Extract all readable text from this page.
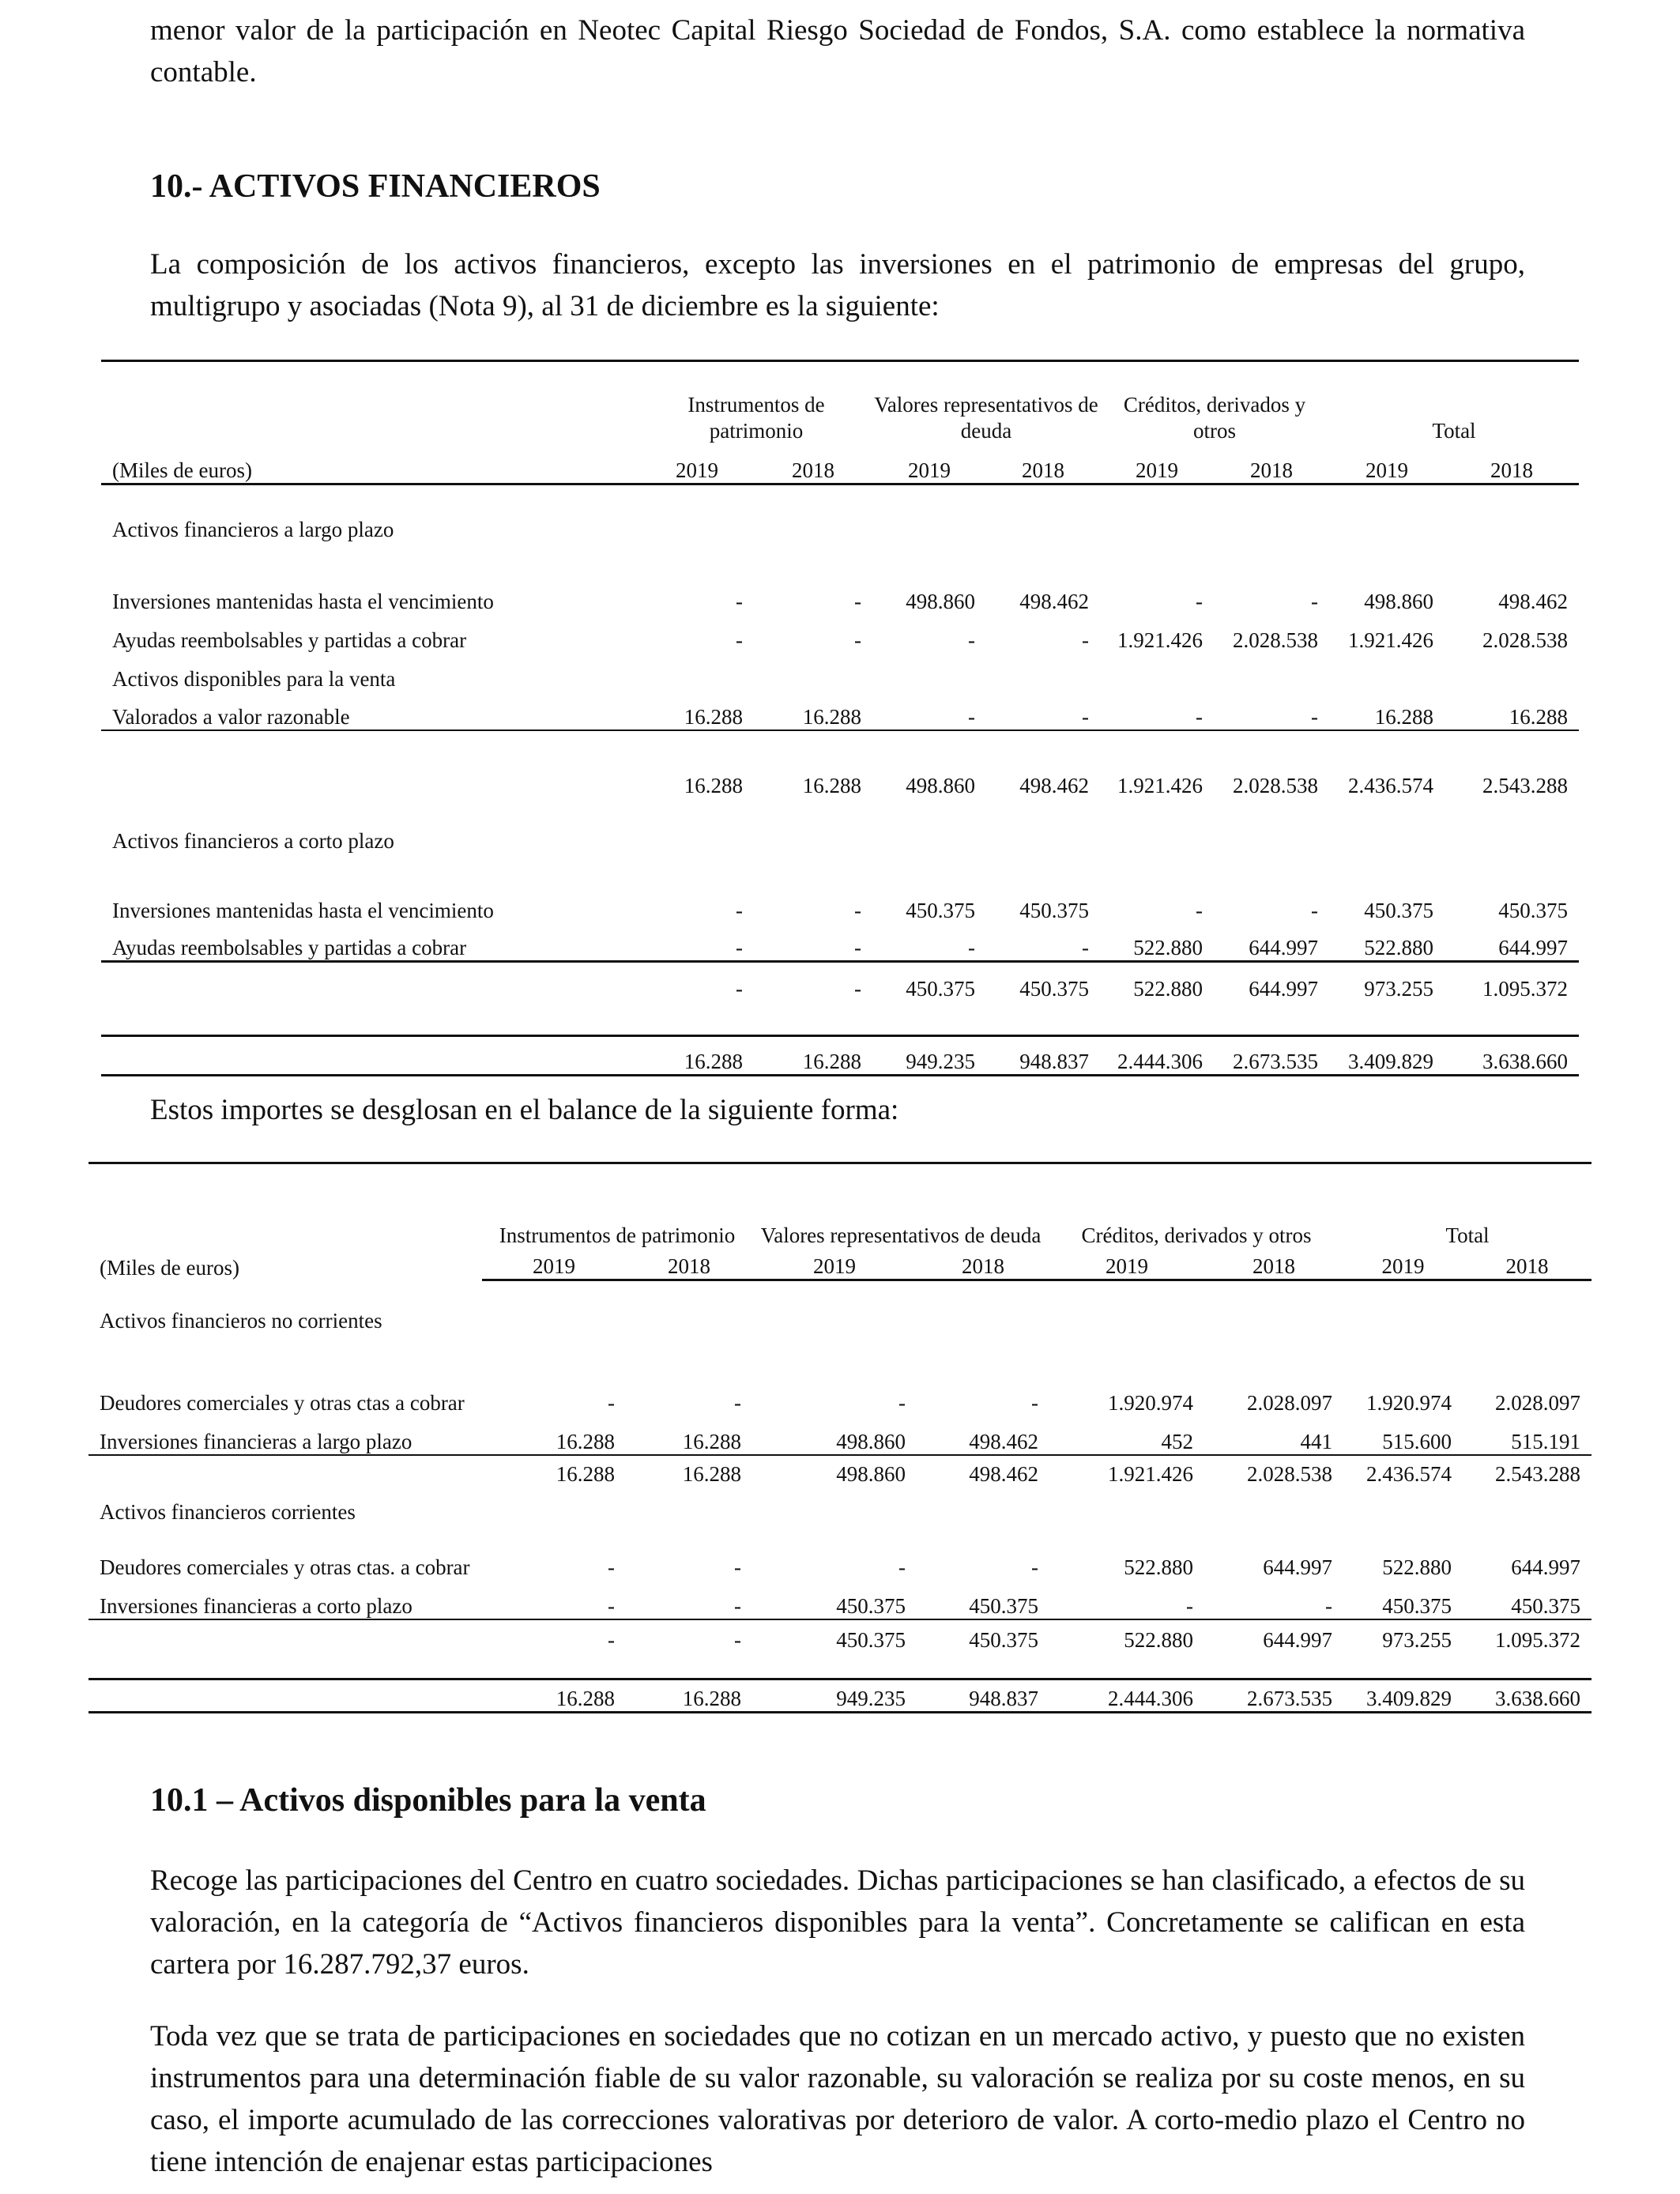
menor valor de la participación en Neotec Capital Riesgo Sociedad de Fondos, S.A. como establece la normativa contable.

10.- ACTIVOS FINANCIEROS

La composición de los activos financieros, excepto las inversiones en el patrimonio de empresas del grupo, multigrupo y asociadas (Nota 9), al 31 de diciembre es la siguiente:

	Instrumentos de patrimonio		Valores representativos de deuda		Créditos, derivados y otros		Total	
(Miles de euros)	2019	2018	2019	2018	2019	2018	2019	2018
Activos financieros a largo plazo								
Inversiones mantenidas hasta el vencimiento	-	-	498.860	498.462	-	-	498.860	498.462
Ayudas reembolsables y partidas a cobrar	-	-	-	-	1.921.426	2.028.538	1.921.426	2.028.538
Activos disponibles para la venta								
Valorados a valor razonable	16.288	16.288	-	-	-	-	16.288	16.288
	16.288	16.288	498.860	498.462	1.921.426	2.028.538	2.436.574	2.543.288
Activos financieros a corto plazo								
Inversiones mantenidas hasta el vencimiento	-	-	450.375	450.375	-	-	450.375	450.375
Ayudas reembolsables y partidas a cobrar	-	-	-	-	522.880	644.997	522.880	644.997
	-	-	450.375	450.375	522.880	644.997	973.255	1.095.372

	16.288	16.288	949.235	948.837	2.444.306	2.673.535	3.409.829	3.638.660

Estos importes se desglosan en el balance de la siguiente forma:

	Instrumentos de patrimonio		Valores representativos de deuda		Créditos, derivados y otros		Total	
(Miles de euros)	2019	2018	2019	2018	2019	2018	2019	2018
Activos financieros no corrientes								
Deudores comerciales y otras ctas a cobrar	-	-	-	-	1.920.974	2.028.097	1.920.974	2.028.097
Inversiones financieras a largo plazo	16.288	16.288	498.860	498.462	452	441	515.600	515.191
	16.288	16.288	498.860	498.462	1.921.426	2.028.538	2.436.574	2.543.288
Activos financieros corrientes								
Deudores comerciales y otras ctas. a cobrar	-	-	-	-	522.880	644.997	522.880	644.997
Inversiones financieras a corto plazo	-	-	450.375	450.375	-	-	450.375	450.375
	-	-	450.375	450.375	522.880	644.997	973.255	1.095.372

	16.288	16.288	949.235	948.837	2.444.306	2.673.535	3.409.829	3.638.660
10.1 – Activos disponibles para la venta

Recoge las participaciones del Centro en cuatro sociedades. Dichas participaciones se han clasificado, a efectos de su valoración, en la categoría de “Activos financieros disponibles para la venta”. Concretamente se califican en esta cartera por 16.287.792,37 euros.

Toda vez que se trata de participaciones en sociedades que no cotizan en un mercado activo, y puesto que no existen instrumentos para una determinación fiable de su valor razonable, su valoración se realiza por su coste menos, en su caso, el importe acumulado de las correcciones valorativas por deterioro de valor. A corto-medio plazo el Centro no tiene intención de enajenar estas participaciones
